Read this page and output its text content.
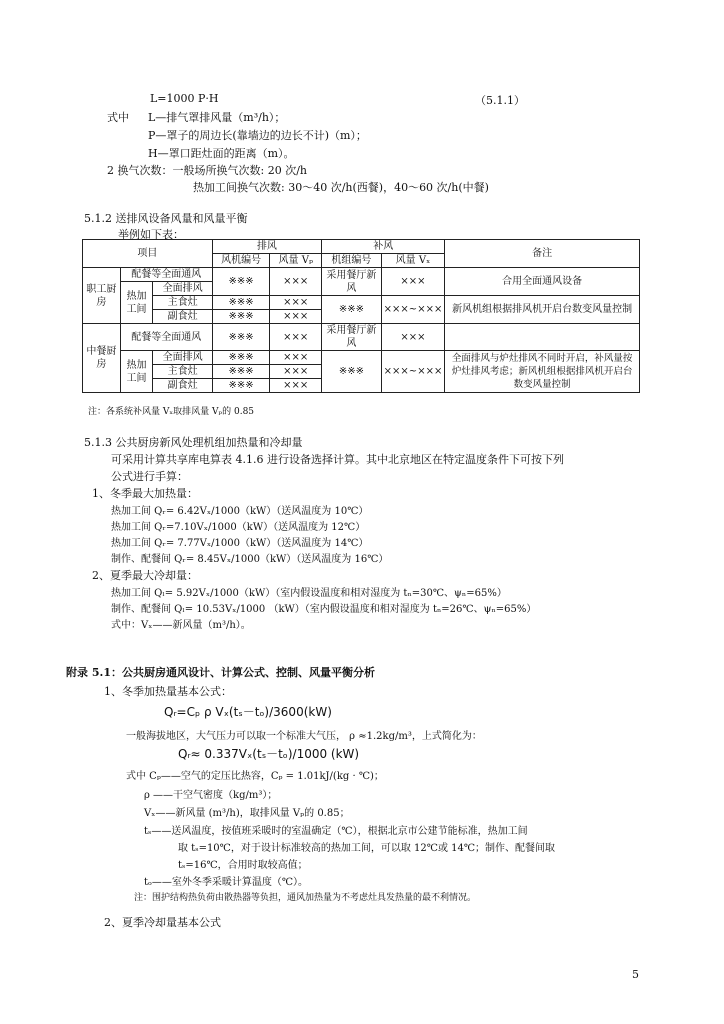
L=1000 P·H	（5.1.1）
式中 L—排气罩排风量（m³/h）；
P—罩子的周边长(靠墙边的边长不计)（m）；
H—罩口距灶面的距离（m）。
2 换气次数：一般场所换气次数: 20 次/h
热加工间换气次数: 30～40 次/h(西餐)，40～60 次/h(中餐)
5.1.2 送排风设备风量和风量平衡
举例如下表：
项目			排风		补风		备注
			风机编号	风量 Vₚ	机组编号	风量 Vₓ	
职工厨房	配餐等全面通风		※※※	×××	采用餐厅新风	×××	合用全面通风设备
	热加工间	全面排风					
		主食灶	※※※	×××	※※※	×××~×××	新风机组根据排风机开启台数变风量控制
		副食灶	※※※	×××			
中餐厨房	配餐等全面通风		※※※	×××	采用餐厅新风	×××	
	热加工间	全面排风	※※※	×××	※※※	×××~×××	全面排风与炉灶排风不同时开启，补风量按炉灶排风考虑；新风机组根据排风机开启台数变风量控制
		主食灶	※※※	×××			
		副食灶	※※※	×××			
注：各系统补风量 Vₓ取排风量 Vₚ的 0.85
5.1.3 公共厨房新风处理机组加热量和冷却量
可采用计算共享库电算表 4.1.6 进行设备选择计算。其中北京地区在特定温度条件下可按下列
公式进行手算：
1、冬季最大加热量：
热加工间 Qᵣ= 6.42Vₓ/1000（kW）（送风温度为 10℃）
热加工间 Qᵣ=7.10Vₓ/1000（kW）（送风温度为 12℃）
热加工间 Qᵣ= 7.77Vₓ/1000（kW）（送风温度为 14℃）
制作、配餐间 Qᵣ= 8.45Vₓ/1000（kW）（送风温度为 16℃）
2、夏季最大冷却量：
热加工间 Qₗ= 5.92Vₓ/1000（kW）（室内假设温度和相对湿度为 tₙ=30℃、ψₙ=65%）
制作、配餐间 Qₗ= 10.53Vₓ/1000 （kW）（室内假设温度和相对湿度为 tₙ=26℃、ψₙ=65%）
式中：Vₓ——新风量（m³/h）。
附录 5.1：公共厨房通风设计、计算公式、控制、风量平衡分析
1、冬季加热量基本公式：
Qᵣ=Cₚ ρ Vₓ(tₛ－tₒ)/3600(kW)
一般海拔地区，大气压力可以取一个标准大气压， ρ ≈1.2kg/m³，上式简化为：
Qᵣ≈ 0.337Vₓ(tₛ－tₒ)/1000 (kW)
式中 Cₚ——空气的定压比热容，Cₚ = 1.01kJ/(kg · ℃)；
ρ ——干空气密度（kg/m³）；
Vₓ——新风量 (m³/h)，取排风量 Vₚ的 0.85；
tₛ——送风温度，按值班采暖时的室温确定（℃），根据北京市公建节能标准，热加工间
取 tₛ=10℃，对于设计标准较高的热加工间，可以取 12℃或 14℃；制作、配餐间取
tₛ=16℃，合用时取较高值；
tₒ——室外冬季采暖计算温度（℃）。
注：围护结构热负荷由散热器等负担，通风加热量为不考虑灶具发热量的最不利情况。
2、夏季冷却量基本公式
5
